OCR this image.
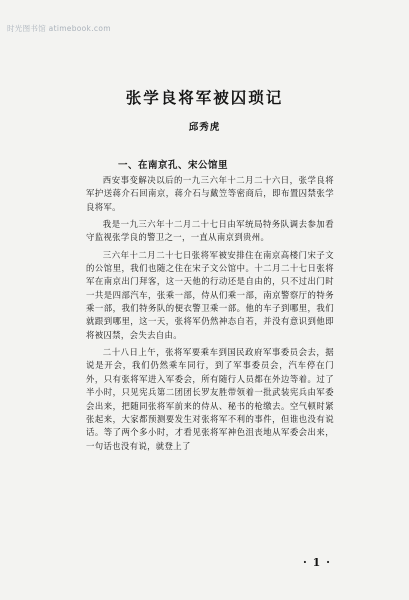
时光图书馆 atimebook.com
张学良将军被囚琐记
邱秀虎
一、在南京孔、宋公馆里

西安事变解决以后的一九三六年十二月二十六日，张学良将军护送蒋介石回南京，蒋介石与戴笠等密商后，即布置囚禁张学良将军。

我是一九三六年十二月二十七日由军统局特务队调去参加看守监视张学良的警卫之一，一直从南京到贵州。

三六年十二月二十七日张将军被安排住在南京高楼门宋子文的公馆里，我们也随之住在宋子文公馆中。十二月二十七日张将军在南京出门拜客，这一天他的行动还是自由的，只不过出门时一共是四部汽车，张乘一部，侍从们乘一部，南京警察厅的特务乘一部，我们特务队的便衣警卫乘一部。他的车子到哪里，我们就跟到哪里，这一天，张将军仍然神态自若，并没有意识到他即将被囚禁，会失去自由。

二十八日上午，张将军要乘车到国民政府军事委员会去，据说是开会，我们仍然乘车同行，到了军事委员会，汽车停在门外，只有张将军进入军委会，所有随行人员都在外边等着。过了半小时，只见宪兵第二团团长罗友胜带领着一批武装宪兵由军委会出来，把随同张将军前来的侍从、秘书的枪缴去。空气顿时紧张起来，大家都预测要发生对张将军不利的事件，但谁也没有说话。等了两个多小时，才看见张将军神色沮丧地从军委会出来，一句话也没有说，就登上了

· 1 ·
